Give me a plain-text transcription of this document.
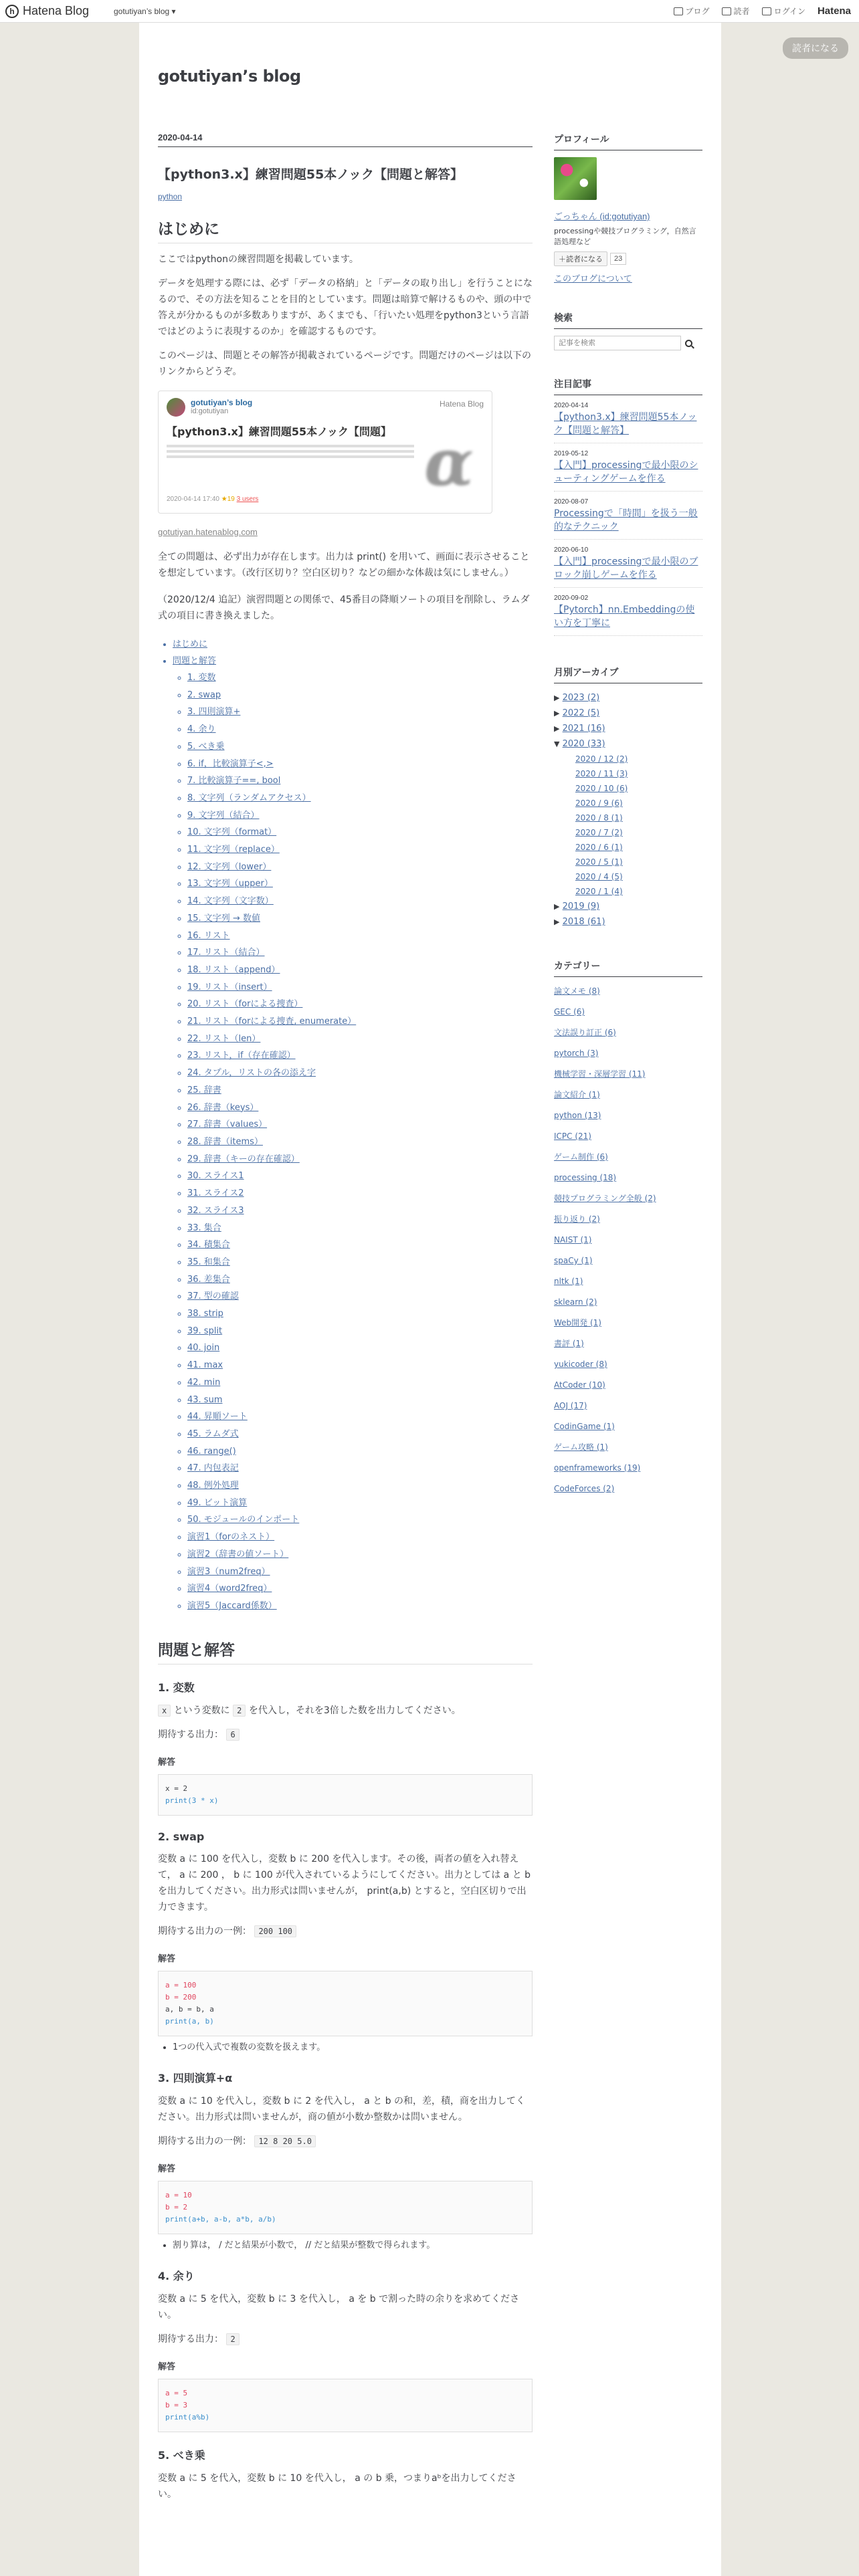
h Hatena Blog	gotutiyan’s blog ▾	ブログ	読者	ログイン Hatena
読者になる
gotutiyan’s blog
2020-04-14
【python3.x】練習問題55本ノック【問題と解答】
python
はじめに

ここではpythonの練習問題を掲載しています。

データを処理する際には、必ず「データの格納」と「データの取り出し」を行うことになるので、その方法を知ることを目的としています。問題は暗算で解けるものや、頭の中で答えが分かるものが多数ありますが、あくまでも、「行いたい処理をpython3という言語ではどのように表現するのか」を確認するものです。

このページは、問題とその解答が掲載されているページです。問題だけのページは以下のリンクからどうぞ。

gotutiyan’s blog
id:gotutiyan
Hatena Blog
【python3.x】練習問題55本ノック【問題】 α
2020-04-14 17:40 ★19 3 users
gotutiyan.hatenablog.com

全ての問題は、必ず出力が存在します。出力は print() を用いて、画面に表示させることを想定しています。（改行区切り？空白区切り？などの細かな体裁は気にしません。）

（2020/12/4 追記）演習問題との関係で、45番目の降順ソートの項目を削除し、ラムダ式の項目に書き換えました。

• はじめに
• 問題と解答
◦ 1. 変数
◦ 2. swap
◦ 3. 四則演算+
◦ 4. 余り
◦ 5. べき乗
◦ 6. if，比較演算子<,>
◦ 7. 比較演算子==, bool
◦ 8. 文字列（ランダムアクセス）
◦ 9. 文字列（結合）
◦ 10. 文字列（format）
◦ 11. 文字列（replace）
◦ 12. 文字列（lower）
◦ 13. 文字列（upper）
◦ 14. 文字列（文字数）
◦ 15. 文字列 → 数値
◦ 16. リスト
◦ 17. リスト（結合）
◦ 18. リスト（append）
◦ 19. リスト（insert）
◦ 20. リスト（forによる捜査）
◦ 21. リスト（forによる捜査, enumerate）
◦ 22. リスト（len）
◦ 23. リスト，if（存在確認）
◦ 24. タプル，リストの各の添え字
◦ 25. 辞書
◦ 26. 辞書（keys）
◦ 27. 辞書（values）
◦ 28. 辞書（items）
◦ 29. 辞書（キーの存在確認）
◦ 30. スライス1
◦ 31. スライス2
◦ 32. スライス3
◦ 33. 集合
◦ 34. 積集合
◦ 35. 和集合
◦ 36. 差集合
◦ 37. 型の確認
◦ 38. strip
◦ 39. split
◦ 40. join
◦ 41. max
◦ 42. min
◦ 43. sum
◦ 44. 昇順ソート
◦ 45. ラムダ式
◦ 46. range()
◦ 47. 内包表記
◦ 48. 例外処理
◦ 49. ビット演算
◦ 50. モジュールのインポート
◦ 演習1（forのネスト）
◦ 演習2（辞書の値ソート）
◦ 演習3（num2freq）
◦ 演習4（word2freq）
◦ 演習5（Jaccard係数）
問題と解答
1. 変数

x という変数に 2 を代入し，それを3倍した数を出力してください。

期待する出力： 6

解答
x = 2
print(3 * x)
2. swap

変数 a に 100 を代入し，変数 b に 200 を代入します。その後，両者の値を入れ替えて， a に 200 ， b に 100 が代入されているようにしてください。出力としては a と b を出力してください。出力形式は問いませんが， print(a,b) とすると，空白区切りで出力できます。

期待する出力の一例： 200 100

解答
a = 100
b = 200
a, b = b, a
print(a, b)
• 1つの代入式で複数の変数を扱えます。
3. 四則演算+α

変数 a に 10 を代入し，変数 b に 2 を代入し， a と b の和，差，積，商を出力してください。出力形式は問いませんが，商の値が小数か整数かは問いません。

期待する出力の一例： 12 8 20 5.0

解答
a = 10
b = 2
print(a+b, a-b, a*b, a/b)
• 割り算は， / だと結果が小数で， // だと結果が整数で得られます。
4. 余り

変数 a に 5 を代入，変数 b に 3 を代入し， a を b で割った時の余りを求めてください。

期待する出力： 2

解答
a = 5
b = 3
print(a%b)
5. べき乗

変数 a に 5 を代入，変数 b に 10 を代入し， a の b 乗，つまりaᵇを出力してください。

プロフィール
ごっちゃん (id:gotutiyan)
processingや競技プログラミング，自然言語処理など
＋読者になる	23
このブログについて
検索
記事を検索
注目記事
2020-04-14
【python3.x】練習問題55本ノック【問題と解答】
2019-05-12
【入門】processingで最小限のシューティングゲームを作る
2020-08-07
Processingで「時間」を扱う一般的なテクニック
2020-06-10
【入門】processingで最小限のブロック崩しゲームを作る
2020-09-02
【Pytorch】nn.Embeddingの使い方を丁寧に
月別アーカイブ
▶ 2023 (2)
▶ 2022 (5)
▶ 2021 (16)
▼ 2020 (33)
2020 / 12 (2)
2020 / 11 (3)
2020 / 10 (6)
2020 / 9 (6)
2020 / 8 (1)
2020 / 7 (2)
2020 / 6 (1)
2020 / 5 (1)
2020 / 4 (5)
2020 / 1 (4)
▶ 2019 (9)
▶ 2018 (61)
カテゴリー
論文メモ (8)
GEC (6)
文法誤り訂正 (6)
pytorch (3)
機械学習・深層学習 (11)
論文紹介 (1)
python (13)
ICPC (21)
ゲーム制作 (6)
processing (18)
競技プログラミング全般 (2)
振り返り (2)
NAIST (1)
spaCy (1)
nltk (1)
sklearn (2)
Web開発 (1)
書評 (1)
yukicoder (8)
AtCoder (10)
AOJ (17)
CodinGame (1)
ゲーム攻略 (1)
openframeworks (19)
CodeForces (2)
